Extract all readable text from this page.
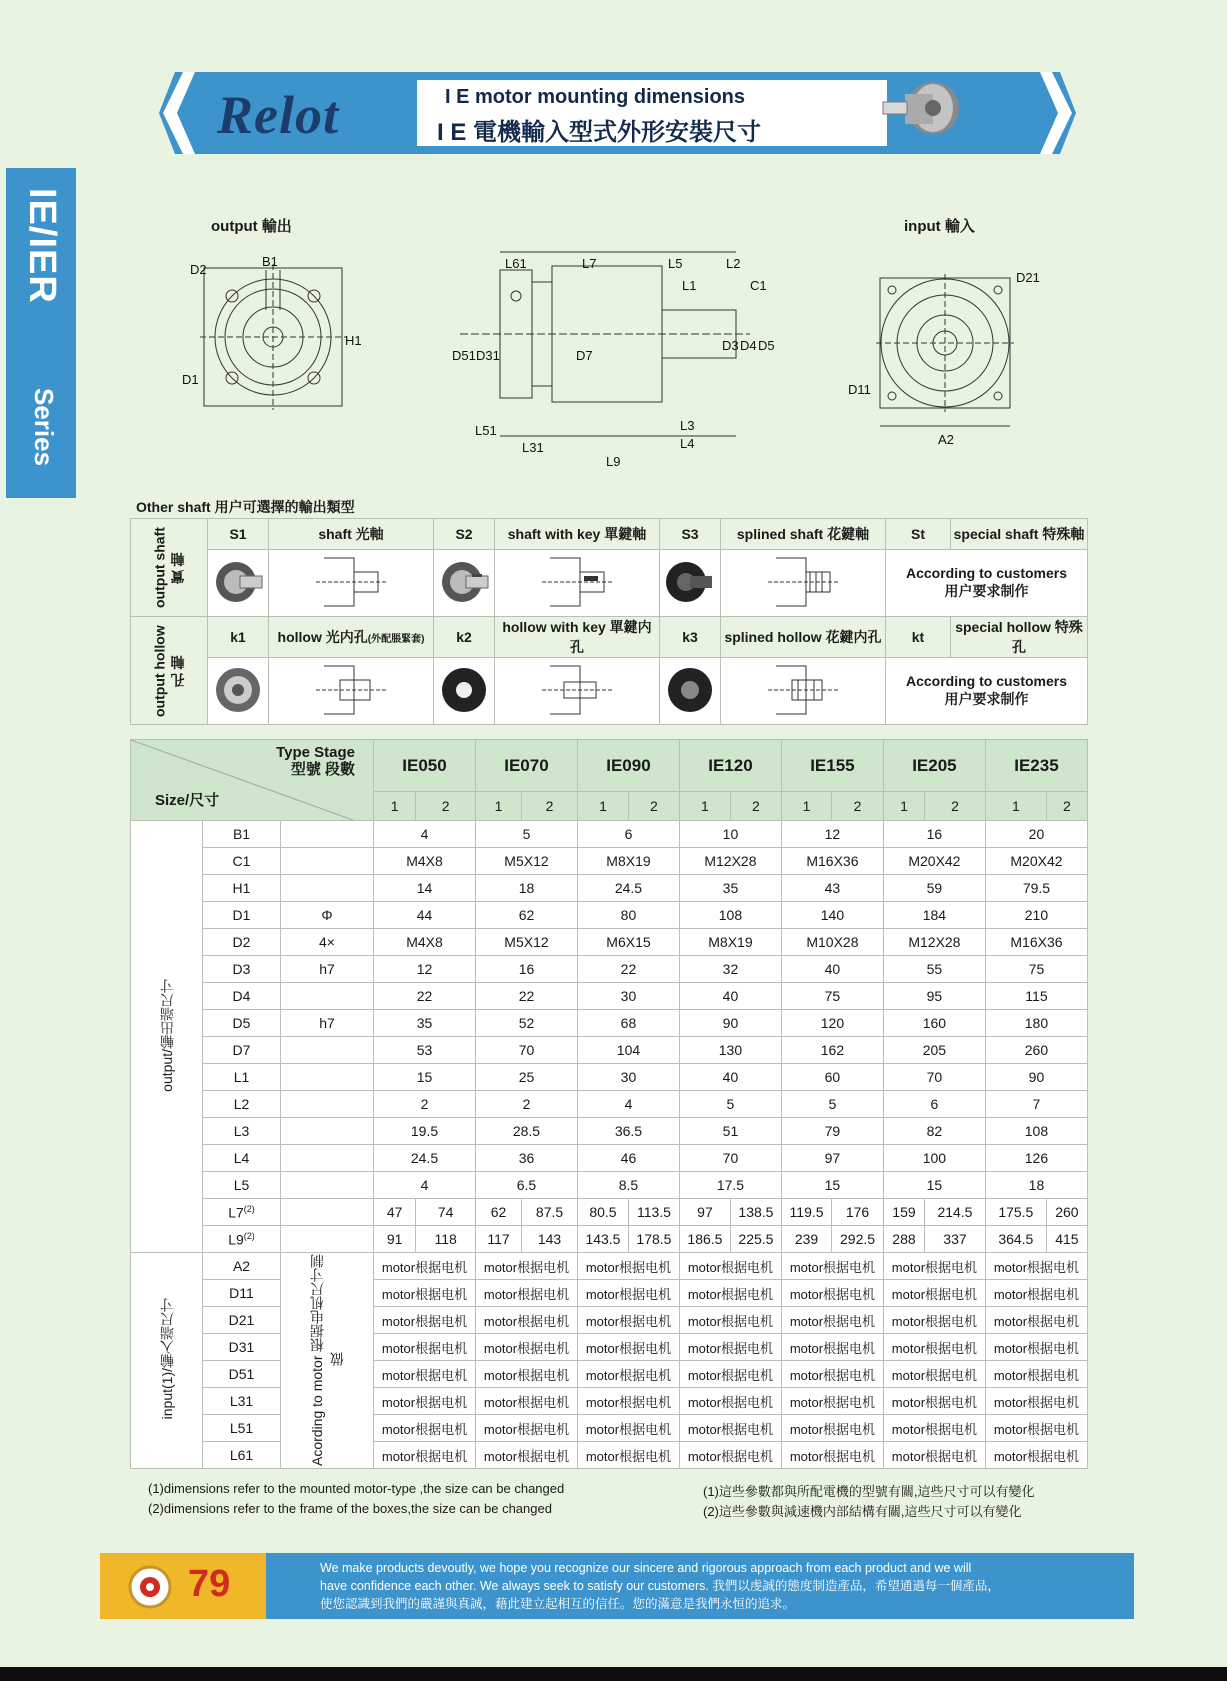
Relot	I E motor mounting dimensions
I E 電機輸入型式外形安裝尺寸
IE/IER
Series
output 輸出	input 輸入
D2
B1
H1
D1
L61	L7	L5	L2
L1	C1
D51 D31	D7
D3 D4 D5
L51
L31
L3
L4
L9
D21
D11
A2
Other shaft 用户可選擇的輸出類型
output shaft 實 軸	S1	shaft 光軸	S2	shaft with key 單鍵軸	S3	splined shaft 花鍵軸	St	special shaft 特殊軸

According to customers
用户要求制作	

output hollow 孔 軸	k1	hollow 光内孔(外配脹緊套)	k2	hollow with key 單鍵内孔	k3	splined hollow 花鍵内孔	kt	special hollow 特殊孔

According to customers
用户要求制作	
Type Stage
型號 段數
Size/尺寸			IE050		IE070		IE090		IE120		IE155		IE205		IE235	
			1	2	1	2	1	2	1	2	1	2	1	2	1	2
output/輸出端尺寸	B1		4		5		6		10		12		16		20	
	C1		M4X8		M5X12		M8X19		M12X28		M16X36		M20X42		M20X42	
	H1		14		18		24.5		35		43		59		79.5	
	D1	Φ	44		62		80		108		140		184		210	
	D2	4×	M4X8		M5X12		M6X15		M8X19		M10X28		M12X28		M16X36	
	D3	h7	12		16		22		32		40		55		75	
	D4		22		22		30		40		75		95		115	
	D5	h7	35		52		68		90		120		160		180	
	D7		53		70		104		130		162		205		260	
	L1		15		25		30		40		60		70		90	
	L2		2		2		4		5		5		6		7	
	L3		19.5		28.5		36.5		51		79		82		108	
	L4		24.5		36		46		70		97		100		126	
	L5		4		6.5		8.5		17.5		15		15		18	
	L7$^{(2)}$		47	74	62	87.5	80.5	113.5	97	138.5	119.5	176	159	214.5	175.5	260
	L9$^{(2)}$		91	118	117	143	143.5	178.5	186.5	225.5	239	292.5	288	337	364.5	415
input(1)/輸入端尺寸	A2	Acording to motor 根据电机尺寸制做	motor根据电机		motor根据电机		motor根据电机		motor根据电机		motor根据电机		motor根据电机		motor根据电机	
	D11		motor根据电机		motor根据电机		motor根据电机		motor根据电机		motor根据电机		motor根据电机		motor根据电机	
	D21		motor根据电机		motor根据电机		motor根据电机		motor根据电机		motor根据电机		motor根据电机		motor根据电机	
	D31		motor根据电机		motor根据电机		motor根据电机		motor根据电机		motor根据电机		motor根据电机		motor根据电机	
	D51		motor根据电机		motor根据电机		motor根据电机		motor根据电机		motor根据电机		motor根据电机		motor根据电机	
	L31		motor根据电机		motor根据电机		motor根据电机		motor根据电机		motor根据电机		motor根据电机		motor根据电机	
	L51		motor根据电机		motor根据电机		motor根据电机		motor根据电机		motor根据电机		motor根据电机		motor根据电机	
	L61		motor根据电机		motor根据电机		motor根据电机		motor根据电机		motor根据电机		motor根据电机		motor根据电机	
(1)dimensions refer to the mounted motor-type ,the size can be changed
(2)dimensions refer to the frame of the boxes,the size can be changed
(1)這些參數都與所配電機的型號有關,這些尺寸可以有變化
(2)這些參數與減速機内部結構有關,這些尺寸可以有變化
79	We make products devoutly, we hope you recognize our sincere and rigorous approach from each product and we will
have confidence each other. We always seek to satisfy our customers. 我們以虔誠的態度制造產品，希望通過每一個產品，
使您認識到我們的嚴謹與真誠，藉此建立起相互的信任。您的滿意是我們永恒的追求。
